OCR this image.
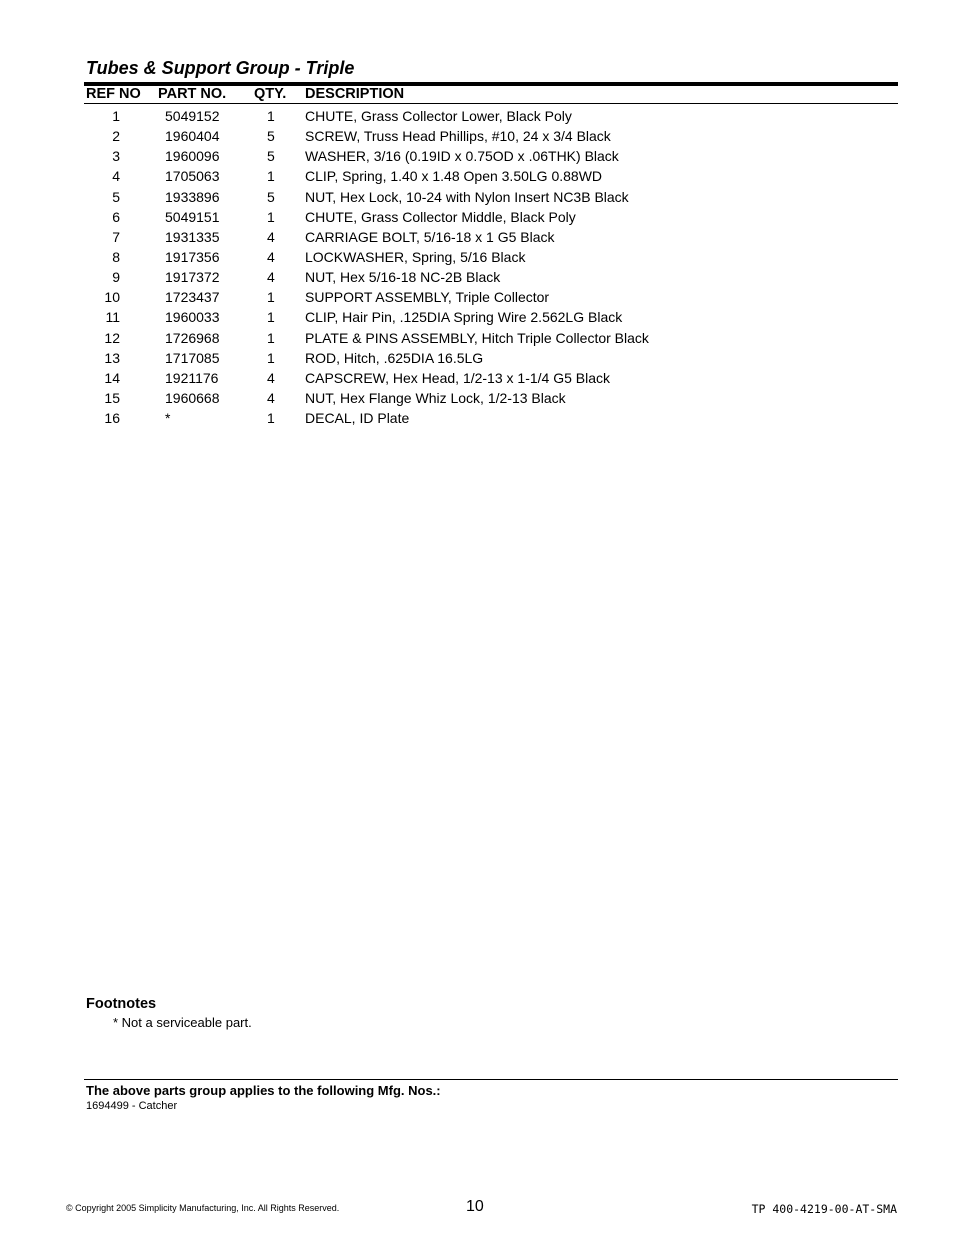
Tubes & Support Group - Triple
REF NO PART NO. QTY. DESCRIPTION
1	5049152	1 CHUTE, Grass Collector Lower, Black Poly
2	1960404	5 SCREW, Truss Head Phillips, #10, 24 x 3/4 Black
3	1960096	5 WASHER, 3/16 (0.19ID x 0.75OD x .06THK) Black
4	1705063	1 CLIP, Spring, 1.40 x 1.48 Open 3.50LG 0.88WD
5	1933896	5 NUT, Hex Lock, 10-24 with Nylon Insert NC3B Black
6	5049151	1 CHUTE, Grass Collector Middle, Black Poly
7	1931335	4 CARRIAGE BOLT, 5/16-18 x 1 G5 Black
8	1917356	4 LOCKWASHER, Spring, 5/16 Black
9	1917372	4 NUT, Hex 5/16-18 NC-2B Black
10	1723437	1 SUPPORT ASSEMBLY, Triple Collector
11	1960033	1 CLIP, Hair Pin, .125DIA Spring Wire 2.562LG Black
12	1726968	1 PLATE & PINS ASSEMBLY, Hitch Triple Collector Black
13	1717085	1 ROD, Hitch, .625DIA 16.5LG
14	1921176	4 CAPSCREW, Hex Head, 1/2-13 x 1-1/4 G5 Black
15	1960668	4 NUT, Hex Flange Whiz Lock, 1/2-13 Black
16	*	1 DECAL, ID Plate
Footnotes
* Not a serviceable part.
The above parts group applies to the following Mfg. Nos.:
1694499 - Catcher
© Copyright 2005 Simplicity Manufacturing, Inc. All Rights Reserved.	10	TP 400-4219-00-AT-SMA
